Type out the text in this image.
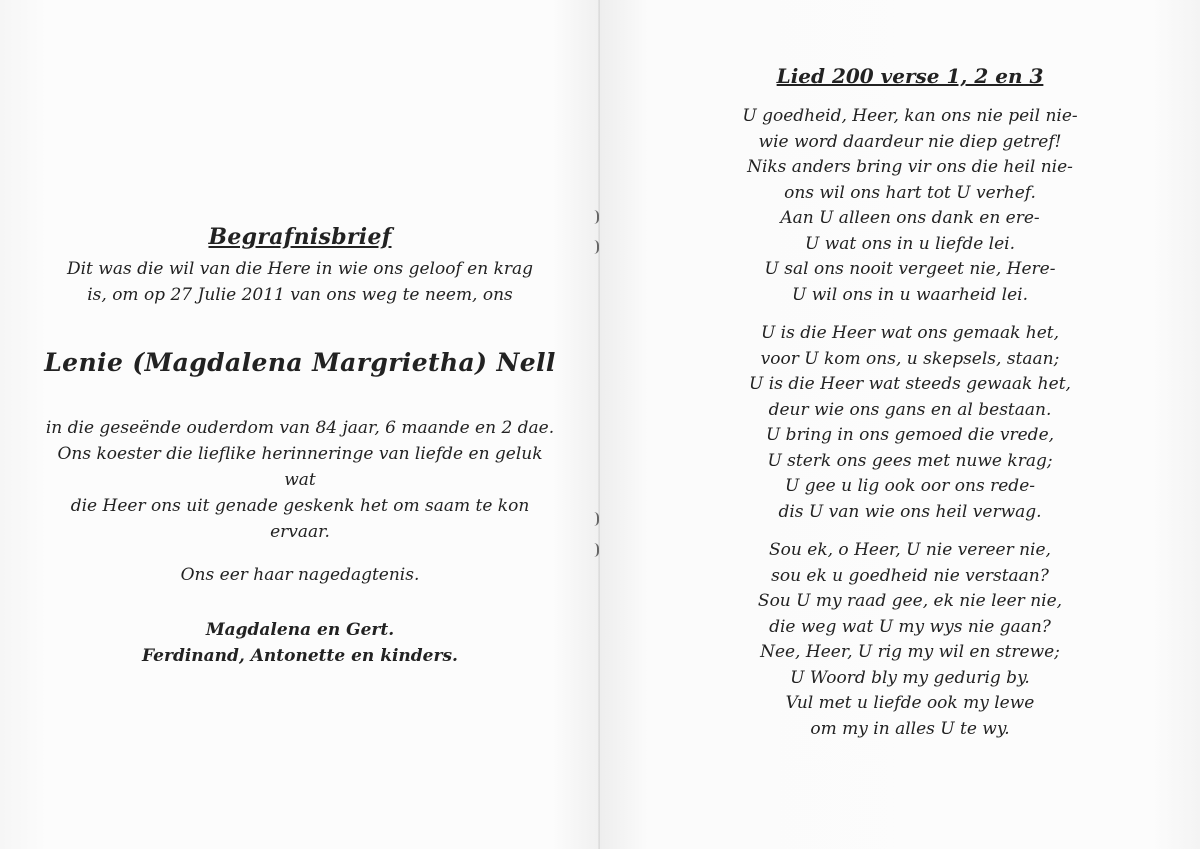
Begrafnisbrief

Dit was die wil van die Here in wie ons geloof en krag

is, om op 27 Julie 2011 van ons weg te neem, ons

Lenie (Magdalena Margrietha) Nell

in die geseënde ouderdom van 84 jaar, 6 maande en 2 dae.

Ons koester die lieflike herinneringe van liefde en geluk wat

die Heer ons uit genade geskenk het om saam te kon ervaar.

Ons eer haar nagedagtenis.

Magdalena en Gert.
Ferdinand, Antonette en kinders.
Lied 200 verse 1, 2 en 3
U goedheid, Heer, kan ons nie peil nie-
wie word daardeur nie diep getref!
Niks anders bring vir ons die heil nie-
ons wil ons hart tot U verhef.
Aan U alleen ons dank en ere-
U wat ons in u liefde lei.
U sal ons nooit vergeet nie, Here-
U wil ons in u waarheid lei.
U is die Heer wat ons gemaak het,
voor U kom ons, u skepsels, staan;
U is die Heer wat steeds gewaak het,
deur wie ons gans en al bestaan.
U bring in ons gemoed die vrede,
U sterk ons gees met nuwe krag;
U gee u lig ook oor ons rede-
dis U van wie ons heil verwag.
Sou ek, o Heer, U nie vereer nie,
sou ek u goedheid nie verstaan?
Sou U my raad gee, ek nie leer nie,
die weg wat U my wys nie gaan?
Nee, Heer, U rig my wil en strewe;
U Woord bly my gedurig by.
Vul met u liefde ook my lewe
om my in alles U te wy.
